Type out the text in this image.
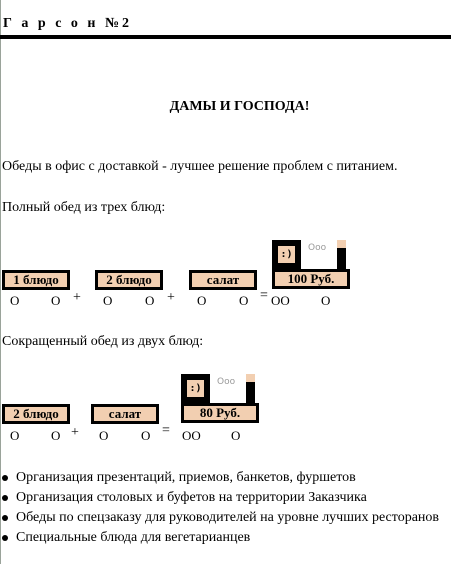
Г а р с о н №2
ДАМЫ И ГОСПОДА!
Обеды в офис с доставкой - лучшее решение проблем с питанием.
Полный обед из трех блюд:
1 блюдо	2 блюдо	салат
:)
Ooo
100 Руб.
O O + O	O + O	O = OO O
Сокращенный обед из двух блюд:
2 блюдо	салат
:)
Ooo
80 Руб.
O O + O	O = OO O
Организация презентаций, приемов, банкетов, фуршетов
Организация столовых и буфетов на территории Заказчика
Обеды по спецзаказу для руководителей на уровне лучших ресторанов
Специальные блюда для вегетарианцев
